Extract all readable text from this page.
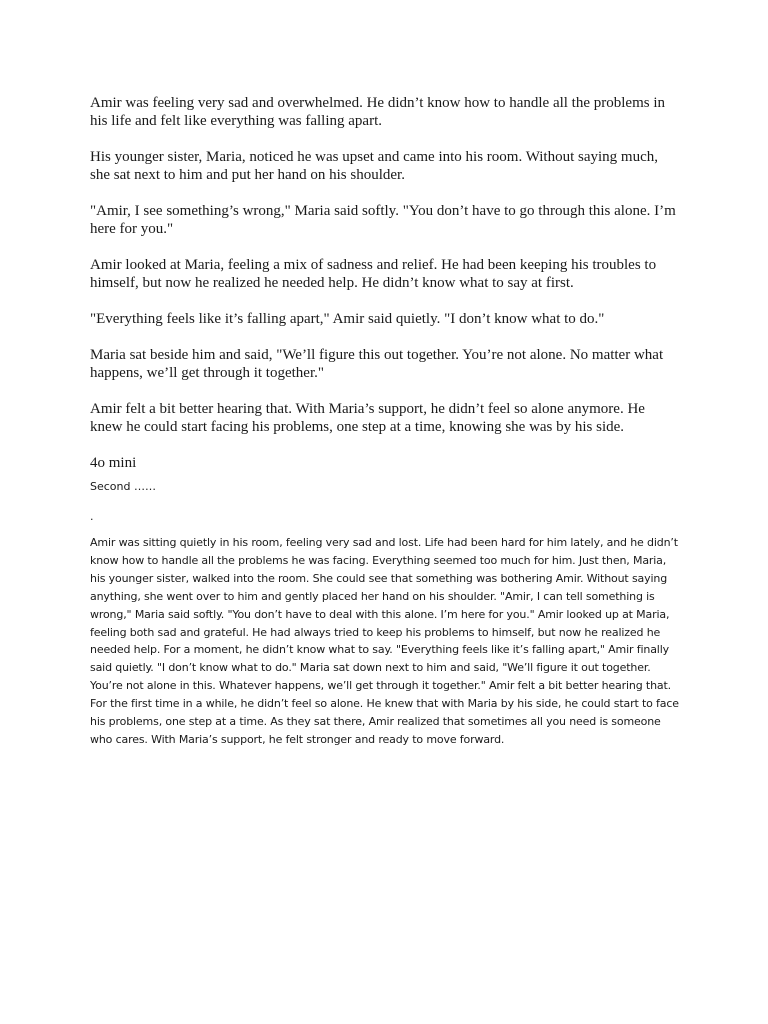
Amir was feeling very sad and overwhelmed. He didn’t know how to handle all the problems in his life and felt like everything was falling apart.

His younger sister, Maria, noticed he was upset and came into his room. Without saying much, she sat next to him and put her hand on his shoulder.

"Amir, I see something’s wrong," Maria said softly. "You don’t have to go through this alone. I’m here for you."

Amir looked at Maria, feeling a mix of sadness and relief. He had been keeping his troubles to himself, but now he realized he needed help. He didn’t know what to say at first.

"Everything feels like it’s falling apart," Amir said quietly. "I don’t know what to do."

Maria sat beside him and said, "We’ll figure this out together. You’re not alone. No matter what happens, we’ll get through it together."

Amir felt a bit better hearing that. With Maria’s support, he didn’t feel so alone anymore. He knew he could start facing his problems, one step at a time, knowing she was by his side.

4o mini

Second ……

.

Amir was sitting quietly in his room, feeling very sad and lost. Life had been hard for him lately, and he didn’t know how to handle all the problems he was facing. Everything seemed too much for him. Just then, Maria, his younger sister, walked into the room. She could see that something was bothering Amir. Without saying anything, she went over to him and gently placed her hand on his shoulder. "Amir, I can tell something is wrong," Maria said softly. "You don’t have to deal with this alone. I’m here for you." Amir looked up at Maria, feeling both sad and grateful. He had always tried to keep his problems to himself, but now he realized he needed help. For a moment, he didn’t know what to say. "Everything feels like it’s falling apart," Amir finally said quietly. "I don’t know what to do." Maria sat down next to him and said, "We’ll figure it out together. You’re not alone in this. Whatever happens, we’ll get through it together." Amir felt a bit better hearing that. For the first time in a while, he didn’t feel so alone. He knew that with Maria by his side, he could start to face his problems, one step at a time. As they sat there, Amir realized that sometimes all you need is someone who cares. With Maria’s support, he felt stronger and ready to move forward.
